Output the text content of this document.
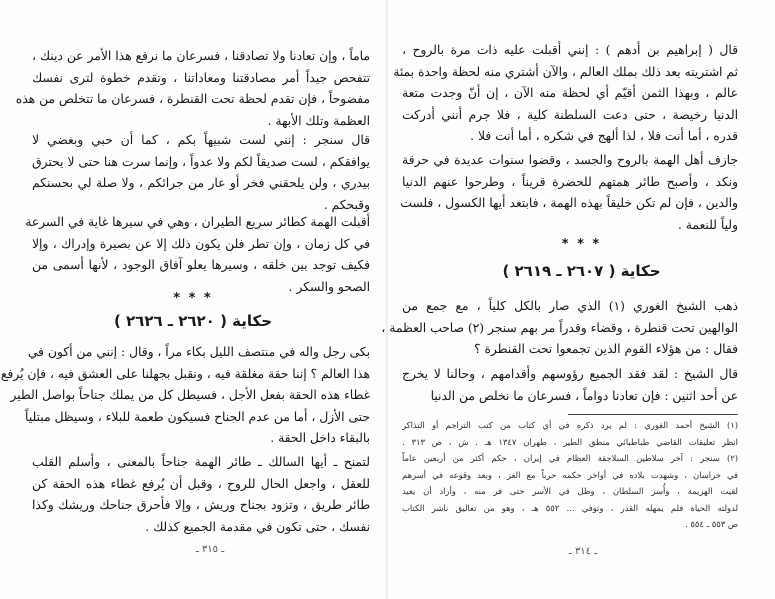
ماماً ، وإن تعادنا ولا تصادقنا ، فسرعان ما نرفع هذا الأمر عن دينك ،
تتفحص جيداً أمر مصادقتنا ومعاداتنا ، وتقدم خطوة لترى نفسك
مفضوحاً ، فإن تقدم لحظة تحت القنطرة ، فسرعان ما تتخلص من هذه
العظمة وتلك الأبهة .

قال سنجر : إنني لست شبيهاً بكم ، كما أن حبي وبغضي لا
يوافقكم ، لست صديقاً لكم ولا عدواً ، وإنما سرت هنا حتى لا يحترق
بيدري ، ولن يلحقني فخر أو عار من جرائكم ، ولا صلة لي بحسنكم
وقبحكم .

أقبلت الهمة كطائر سريع الطيران ، وهي في سيرها غاية في السرعة
في كل زمان ، وإن تطر فلن يكون ذلك إلا عن بصيرة وإدراك ، وإلا
فكيف توجد بين خلقه ، وسيرها يعلو آفاق الوجود ، لأنها أسمى من
الصحو والسكر .

* * *
حكاية ( ٢٦٢٠ ـ ٢٦٢٦ )

بكى رجل واله في منتصف الليل بكاء مراً ، وقال : إنني من أكون في
هذا العالم ؟ إننا حقة مغلقة فيه ، ونقبل بجهلنا على العشق فيه ، فإن يُرفع
غطاء هذه الحقة بفعل الأجل ، فسيطل كل من يملك جناحاً بواصل الطير
حتى الأزل ، أما من عدم الجناح فسيكون طعمة للبلاء ، وسيظل مبتلياً
بالبقاء داخل الحقة .

لتمنح ـ أيها السالك ـ طائر الهمة جناحاً بالمعنى ، وأسلم القلب
للعقل ، واجعل الحال للروح ، وقبل أن يُرفع غطاء هذه الحقة كن
طائر طريق ، وتزود بجناح وريش ، وإلا فأحرق جناحك وريشك وكذا
نفسك ، حتى تكون في مقدمة الجميع كذلك .

ـ ٣١٥ ـ

قال ( إبراهيم بن أدهم ) : إنني أقبلت عليه ذات مرة بالروح ،
ثم اشتريته بعد ذلك بملك العالم ، والآن أشتري منه لحظة واحدة بمئة
عالم ، وبهذا الثمن أقيّم أي لحظة منه الآن ، إن أنّ وجدت متعة
الدنيا رخيصة ، حتى دعت السلطنة كلية ، فلا جرم أنني أدركت
قدره ، أما أنت فلا ، لذا ألهج في شكره ، أما أنت فلا .

جازف أهل الهمة بالروح والجسد ، وقضوا سنوات عديدة في حرقة
ونكد ، وأصبح طائر همتهم للحضرة قريناً ، وطرحوا عنهم الدنيا
والدين ، فإن لم تكن خليقاً بهذه الهمة ، فابتعد أيها الكسول ، فلست
ولياً للنعمة .

* * *
حكاية ( ٢٦٠٧ ـ ٢٦١٩ )

ذهب الشيخ الغوري (١) الذي صار بالكل كلياً ، مع جمع من
الوالهين تحت قنطرة ، وقضاء وقدراً مر بهم سنجر (٢) صاحب العظمة ،
فقال : من هؤلاء القوم الذين تجمعوا تحت القنطرة ؟

قال الشيخ : لقد فقد الجميع رؤوسهم وأقدامهم ، وحالنا لا يخرج
عن أحد اثنين : فإن تعادنا دواماً ، فسرعان ما نخلص من الدنيا

(١) الشيخ أحمد الغوري : لم يرد ذكره في أي كتاب من كتب التراجم أو التذاكر
انظر تعليقات القاضي طباطبائي منطق الطير ، طهران ١٣٤٧ هـ . ش ، ص ٣١٣ .
(٢) سنجر : آخر سلاطين السلاجقة العظام في إيران ، حكم أكثر من أربعين عاماً
في خراسان ، وشهدت بلاده في أواخر حكمه حرباً مع الغز ، وبعد وقوعه في أسرهم
لقيت الهزيمة ، وأُسر السلطان ، وظل في الأسر حتى فر منه ، وأراد أن يعيد
لدولته الحياة فلم يمهله القدر ، وتوفي ... ٥٥٢ هـ ، وهو من تعاليق ناشر الكتاب
ص ٥٥٣ ـ ٥٥٤ .
ـ ٣١٤ ـ
